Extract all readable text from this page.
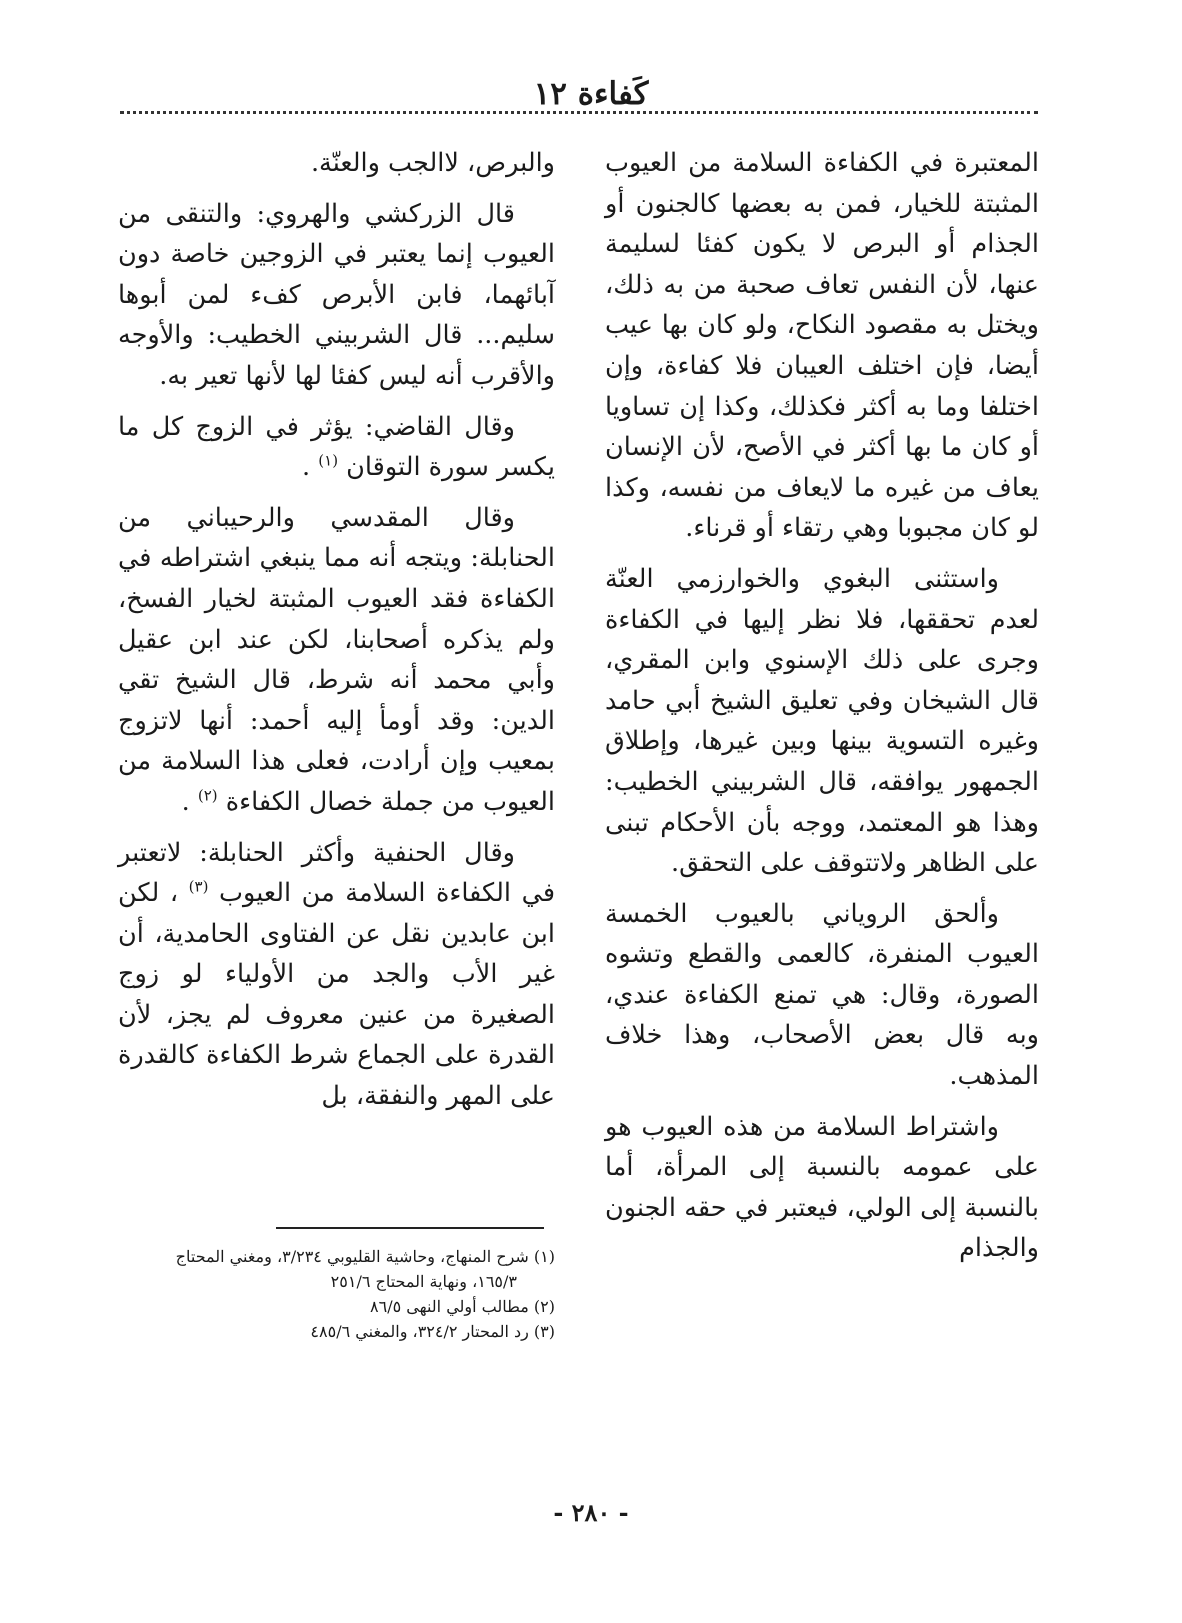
كَفاءة ١٢

المعتبرة في الكفاءة السلامة من العيوب المثبتة للخيار، فمن به بعضها كالجنون أو الجذام أو البرص لا يكون كفئا لسليمة عنها، لأن النفس تعاف صحبة من به ذلك، ويختل به مقصود النكاح، ولو كان بها عيب أيضا، فإن اختلف العيبان فلا كفاءة، وإن اختلفا وما به أكثر فكذلك، وكذا إن تساويا أو كان ما بها أكثر في الأصح، لأن الإنسان يعاف من غيره ما لايعاف من نفسه، وكذا لو كان مجبوبا وهي رتقاء أو قرناء.

واستثنى البغوي والخوارزمي العنّة لعدم تحققها، فلا نظر إليها في الكفاءة وجرى على ذلك الإسنوي وابن المقري، قال الشيخان وفي تعليق الشيخ أبي حامد وغيره التسوية بينها وبين غيرها، وإطلاق الجمهور يوافقه، قال الشربيني الخطيب: وهذا هو المعتمد، ووجه بأن الأحكام تبنى على الظاهر ولاتتوقف على التحقق.

وألحق الروياني بالعيوب الخمسة العيوب المنفرة، كالعمى والقطع وتشوه الصورة، وقال: هي تمنع الكفاءة عندي، وبه قال بعض الأصحاب، وهذا خلاف المذهب.

واشتراط السلامة من هذه العيوب هو على عمومه بالنسبة إلى المرأة، أما بالنسبة إلى الولي، فيعتبر في حقه الجنون والجذام

والبرص، لاالجب والعنّة.

قال الزركشي والهروي: والتنقى من العيوب إنما يعتبر في الزوجين خاصة دون آبائهما، فابن الأبرص كفء لمن أبوها سليم... قال الشربيني الخطيب: والأوجه والأقرب أنه ليس كفئا لها لأنها تعير به.

وقال القاضي: يؤثر في الزوج كل ما يكسر سورة التوقان $^{(١)}$ .

وقال المقدسي والرحيباني من الحنابلة: ويتجه أنه مما ينبغي اشتراطه في الكفاءة فقد العيوب المثبتة لخيار الفسخ، ولم يذكره أصحابنا، لكن عند ابن عقيل وأبي محمد أنه شرط، قال الشيخ تقي الدين: وقد أومأ إليه أحمد: أنها لاتزوج بمعيب وإن أرادت، فعلى هذا السلامة من العيوب من جملة خصال الكفاءة $^{(٢)}$ .

وقال الحنفية وأكثر الحنابلة: لاتعتبر في الكفاءة السلامة من العيوب $^{(٣)}$ ، لكن ابن عابدين نقل عن الفتاوى الحامدية، أن غير الأب والجد من الأولياء لو زوج الصغيرة من عنين معروف لم يجز، لأن القدرة على الجماع شرط الكفاءة كالقدرة على المهر والنفقة، بل

(١) شرح المنهاج، وحاشية القليوبي ٣/٢٣٤، ومغني المحتاج
١٦٥/٣، ونهاية المحتاج ٢٥١/٦
(٢) مطالب أولي النهى ٨٦/٥
(٣) رد المحتار ٣٢٤/٢، والمغني ٤٨٥/٦
- ٢٨٠ -
